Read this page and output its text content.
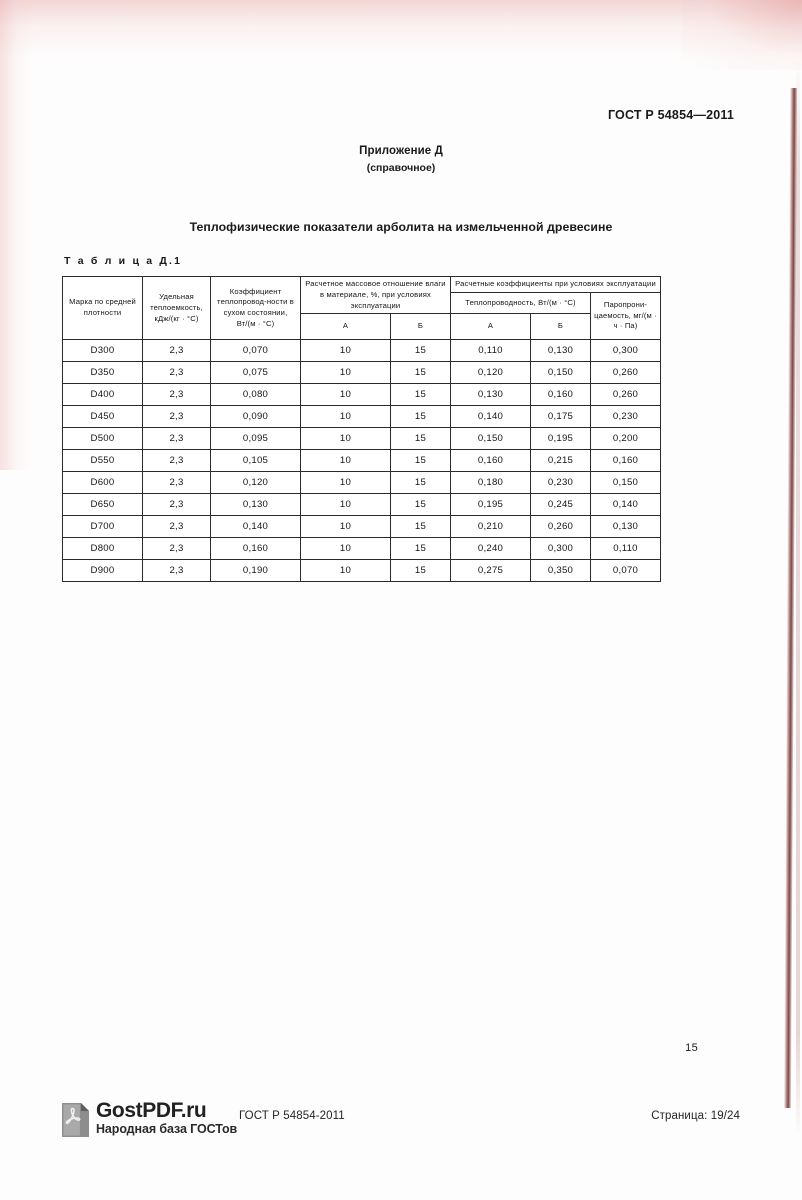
ГОСТ Р 54854—2011
Приложение Д
(справочное)
Теплофизические показатели арболита на измельченной древесине
Т а б л и ц а Д.1
Марка по средней плотности	Удельная теплоемкость, кДж/(кг · °С)	Коэффициент теплопровод-ности в сухом состоянии, Вт/(м · °С)	Расчетное массовое отношение влаги в материале, %, при условиях эксплуатации		Расчетные коэффициенты при условиях эксплуатации		
					Теплопроводность, Вт/(м · °С)		Паропрони-цаемость, мг/(м · ч · Па)
			А	Б	А	Б	
D300	2,3	0,070	10	15	0,110	0,130	0,300
D350	2,3	0,075	10	15	0,120	0,150	0,260
D400	2,3	0,080	10	15	0,130	0,160	0,260
D450	2,3	0,090	10	15	0,140	0,175	0,230
D500	2,3	0,095	10	15	0,150	0,195	0,200
D550	2,3	0,105	10	15	0,160	0,215	0,160
D600	2,3	0,120	10	15	0,180	0,230	0,150
D650	2,3	0,130	10	15	0,195	0,245	0,140
D700	2,3	0,140	10	15	0,210	0,260	0,130
D800	2,3	0,160	10	15	0,240	0,300	0,110
D900	2,3	0,190	10	15	0,275	0,350	0,070
15
GostPDF.ru
Народная база ГОСТов
ГОСТ Р 54854-2011	Страница: 19/24
